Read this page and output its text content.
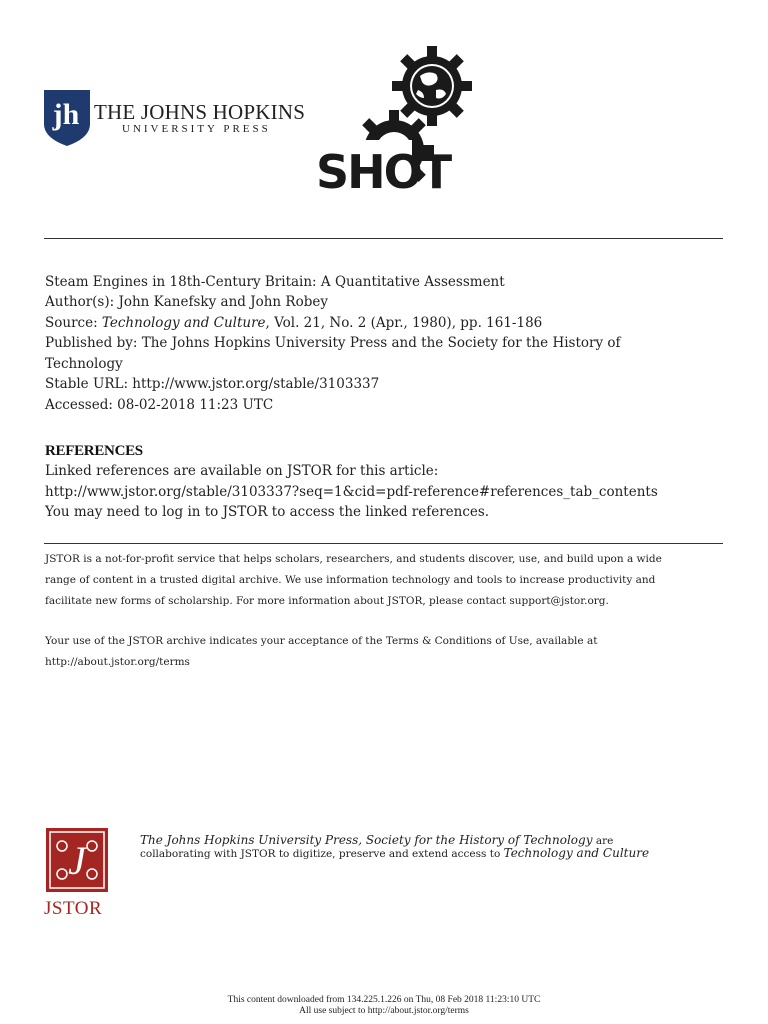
jh THE JOHNS HOPKINS
UNIVERSITY PRESS
SHOT
Steam Engines in 18th-Century Britain: A Quantitative Assessment
Author(s): John Kanefsky and John Robey
Source: Technology and Culture, Vol. 21, No. 2 (Apr., 1980), pp. 161-186
Published by: The Johns Hopkins University Press and the Society for the History of
Technology
Stable URL: http://www.jstor.org/stable/3103337
Accessed: 08-02-2018 11:23 UTC
REFERENCES
Linked references are available on JSTOR for this article:
http://www.jstor.org/stable/3103337?seq=1&cid=pdf-reference#references_tab_contents
You may need to log in to JSTOR to access the linked references.
JSTOR is a not-for-profit service that helps scholars, researchers, and students discover, use, and build upon a wide
range of content in a trusted digital archive. We use information technology and tools to increase productivity and
facilitate new forms of scholarship. For more information about JSTOR, please contact support@jstor.org.
Your use of the JSTOR archive indicates your acceptance of the Terms & Conditions of Use, available at
http://about.jstor.org/terms
J
JSTOR
The Johns Hopkins University Press, Society for the History of Technology are
collaborating with JSTOR to digitize, preserve and extend access to Technology and Culture
This content downloaded from 134.225.1.226 on Thu, 08 Feb 2018 11:23:10 UTC
All use subject to http://about.jstor.org/terms
